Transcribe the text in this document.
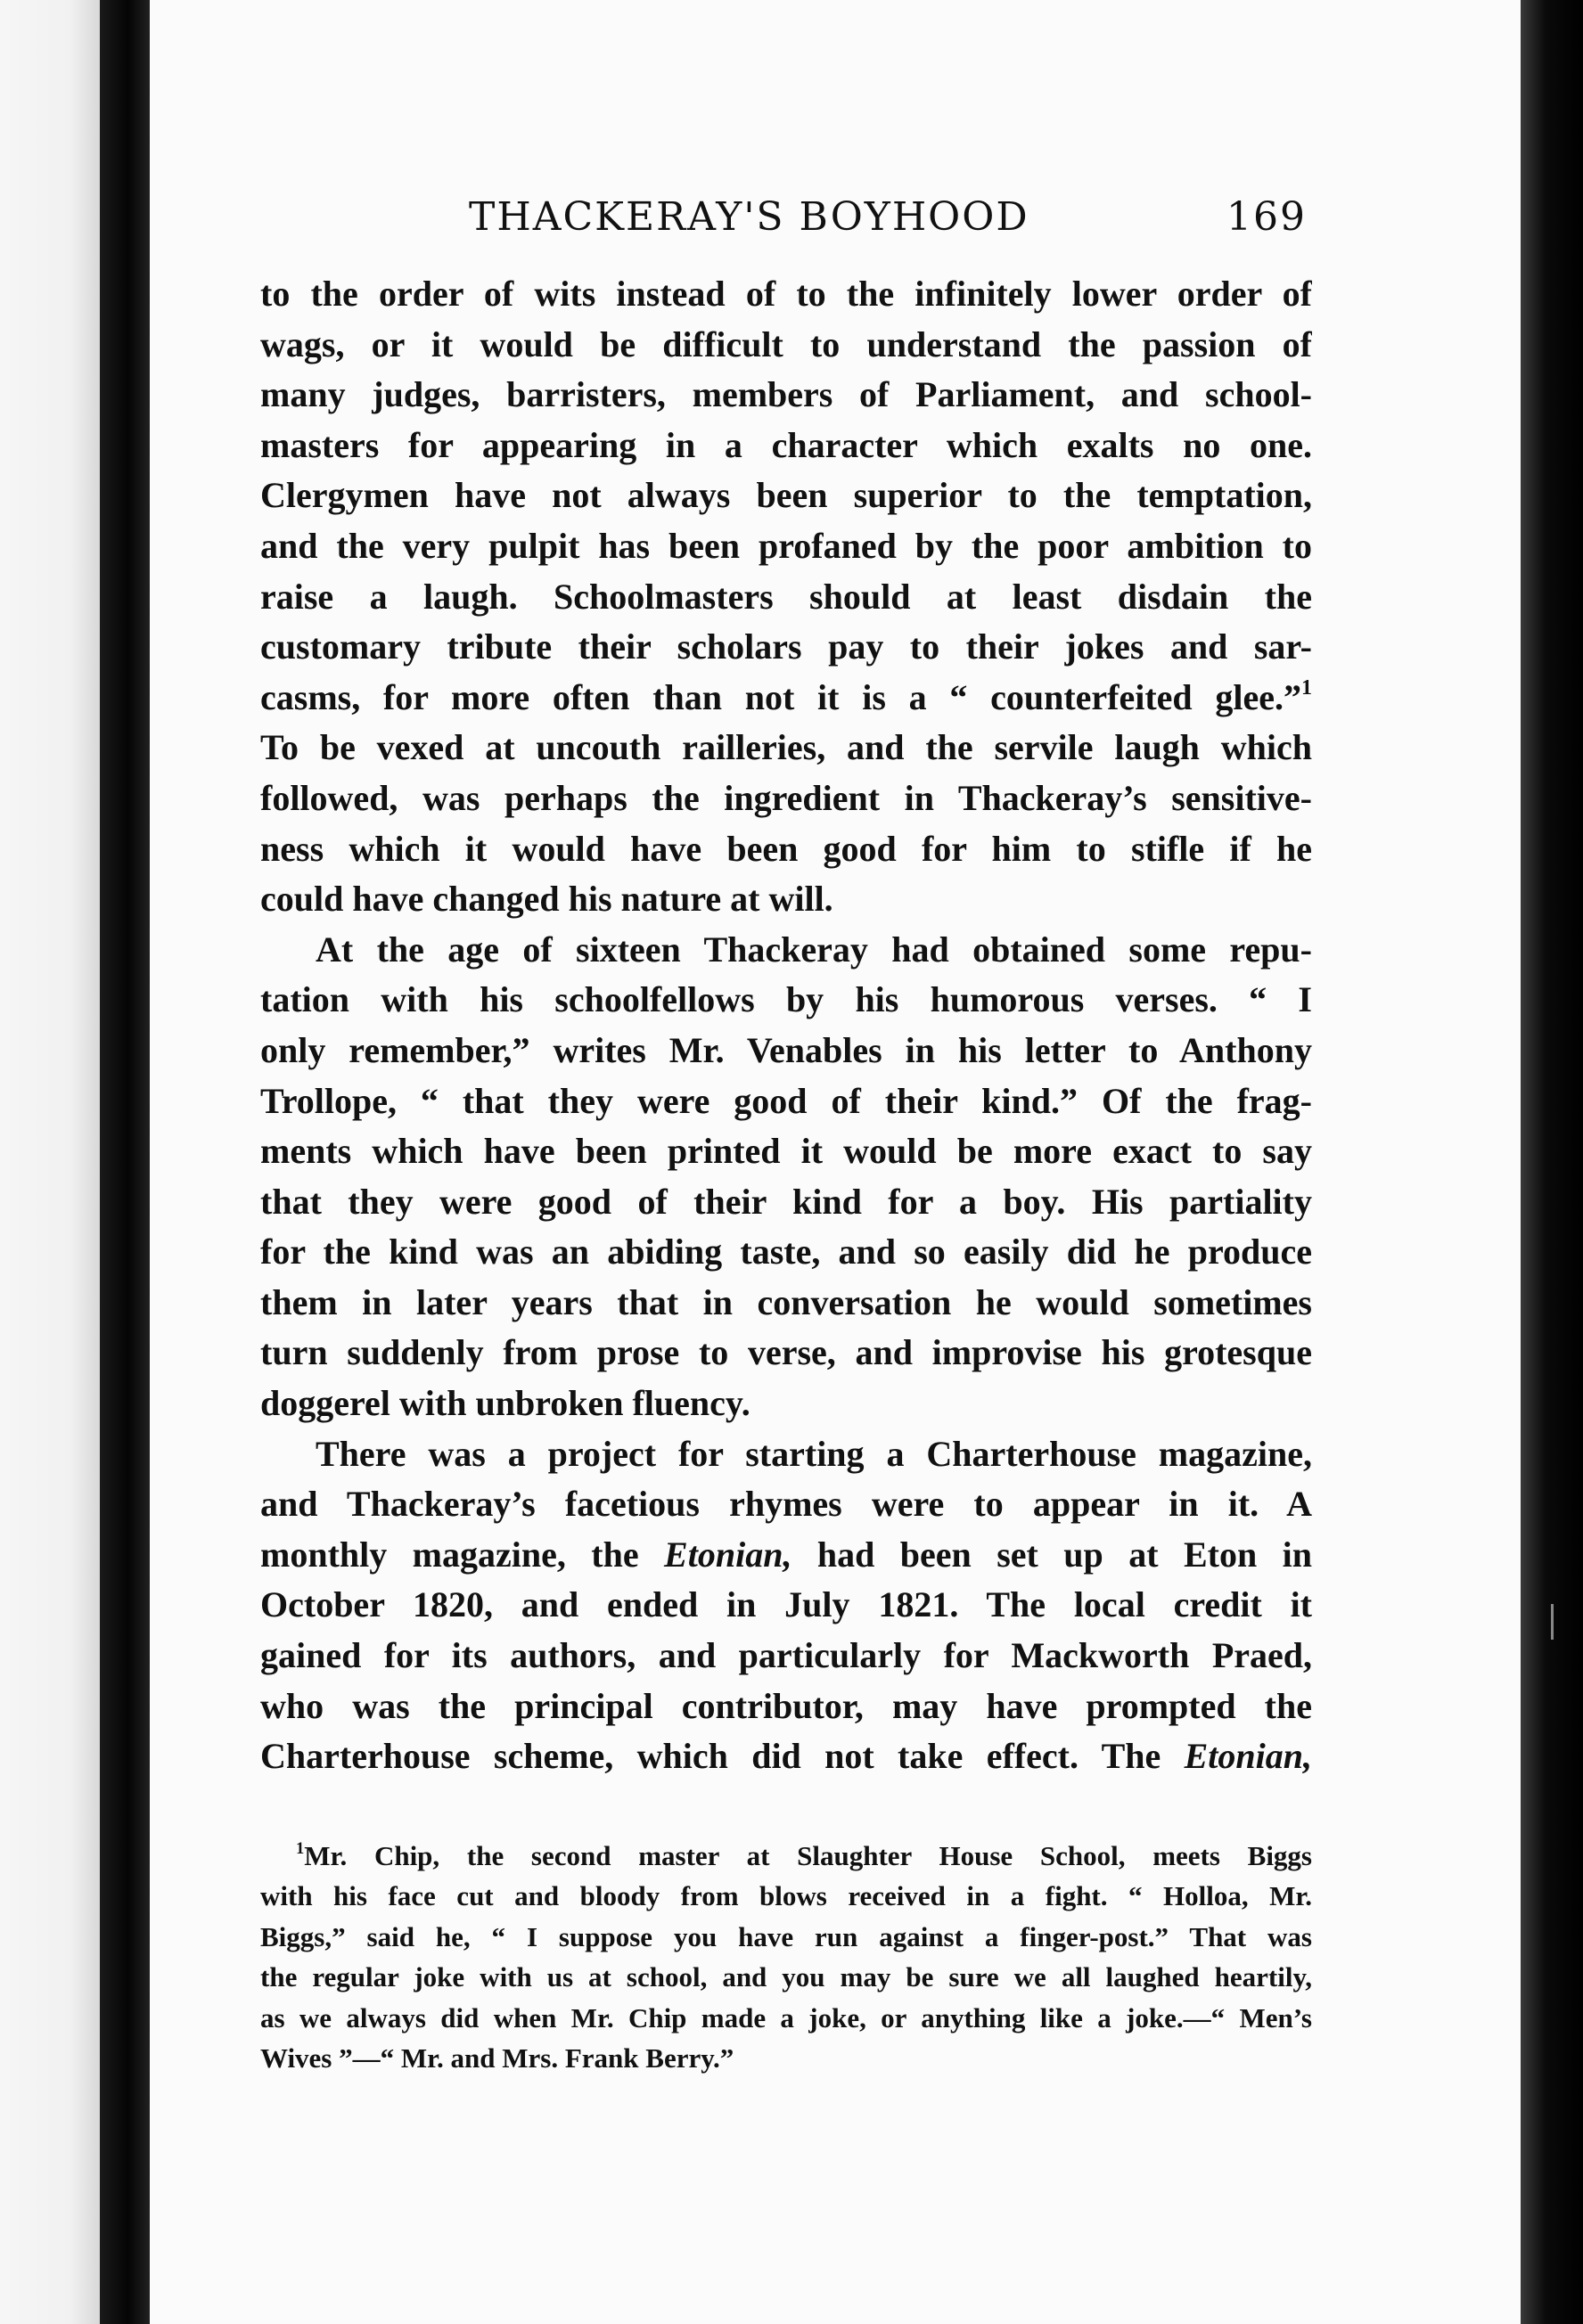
THACKERAY'S BOYHOOD	169
to the order of wits instead of to the infinitely lower order of
wags, or it would be difficult to understand the passion of
many judges, barristers, members of Parliament, and school-
masters for appearing in a character which exalts no one.
Clergymen have not always been superior to the temptation,
and the very pulpit has been profaned by the poor ambition to
raise a laugh. Schoolmasters should at least disdain the
customary tribute their scholars pay to their jokes and sar-
casms, for more often than not it is a “ counterfeited glee.”$^1$
To be vexed at uncouth railleries, and the servile laugh which
followed, was perhaps the ingredient in Thackeray’s sensitive-
ness which it would have been good for him to stifle if he
could have changed his nature at will.
At the age of sixteen Thackeray had obtained some repu-
tation with his schoolfellows by his humorous verses. “ I
only remember,” writes Mr. Venables in his letter to Anthony
Trollope, “ that they were good of their kind.” Of the frag-
ments which have been printed it would be more exact to say
that they were good of their kind for a boy. His partiality
for the kind was an abiding taste, and so easily did he produce
them in later years that in conversation he would sometimes
turn suddenly from prose to verse, and improvise his grotesque
doggerel with unbroken fluency.
There was a project for starting a Charterhouse magazine,
and Thackeray’s facetious rhymes were to appear in it. A
monthly magazine, the Etonian, had been set up at Eton in
October 1820, and ended in July 1821. The local credit it
gained for its authors, and particularly for Mackworth Praed,
who was the principal contributor, may have prompted the
Charterhouse scheme, which did not take effect. The Etonian,
$^1$Mr. Chip, the second master at Slaughter House School, meets Biggs
with his face cut and bloody from blows received in a fight. “ Holloa, Mr.
Biggs,” said he, “ I suppose you have run against a finger-post.” That was
the regular joke with us at school, and you may be sure we all laughed heartily,
as we always did when Mr. Chip made a joke, or anything like a joke.—“ Men’s
Wives ”—“ Mr. and Mrs. Frank Berry.”
